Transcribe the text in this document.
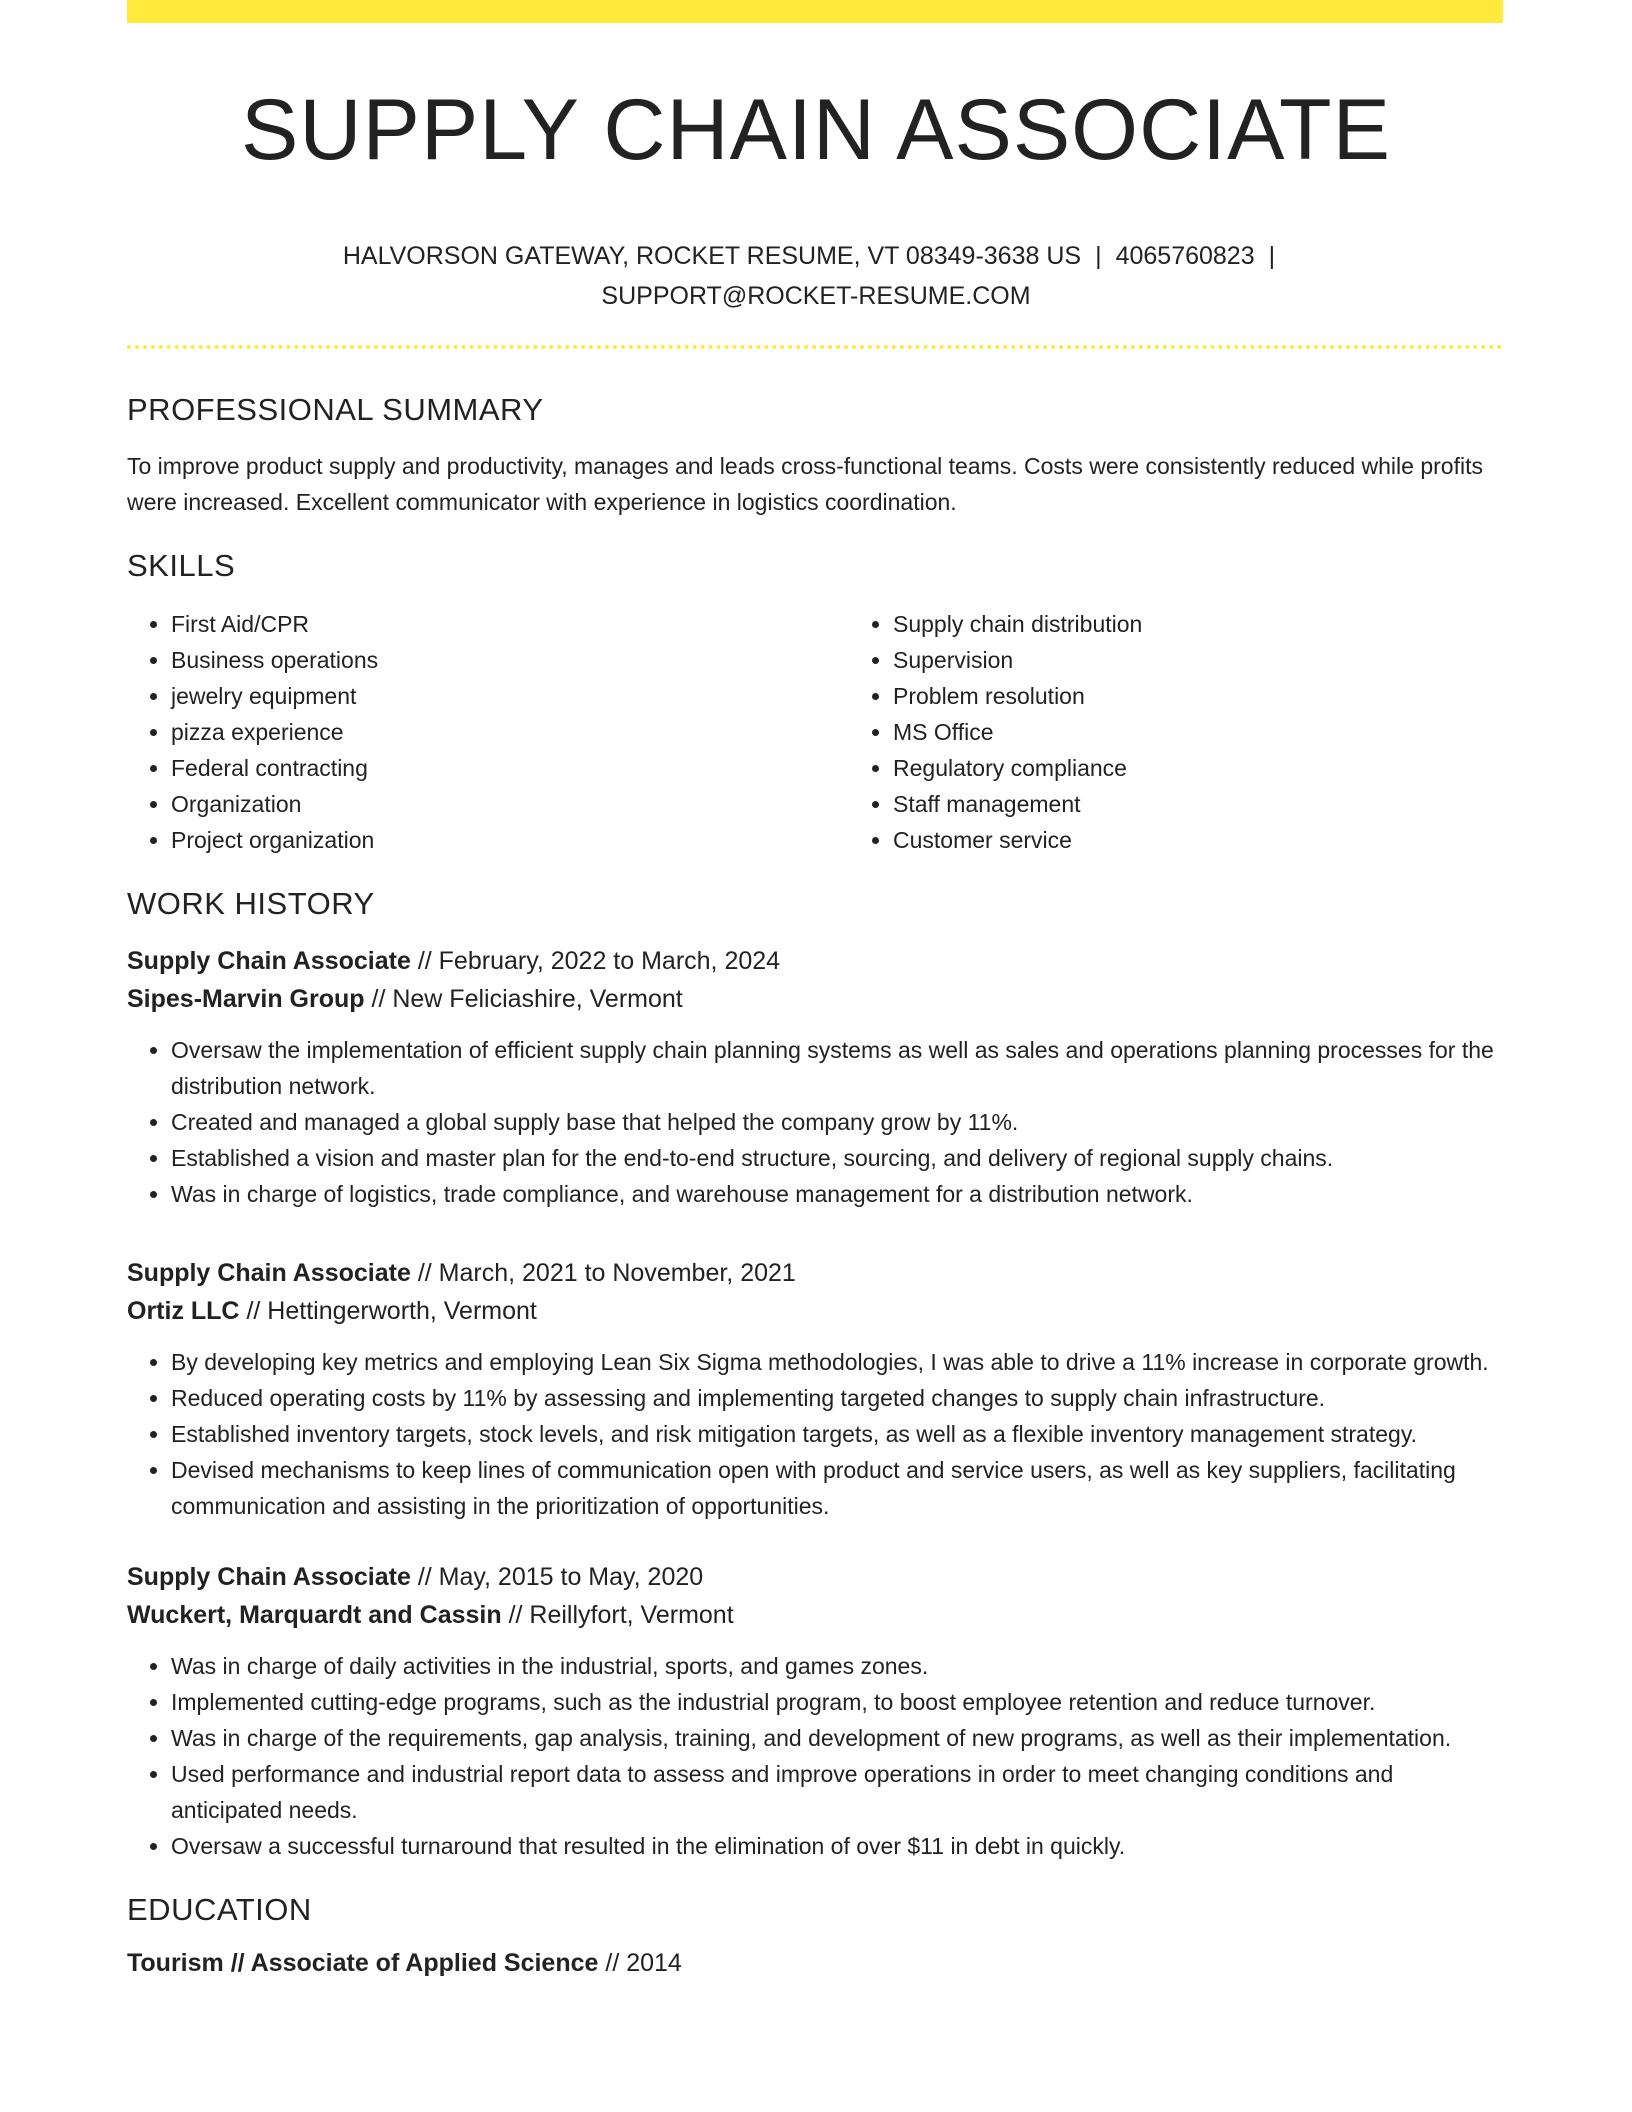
SUPPLY CHAIN ASSOCIATE
HALVORSON GATEWAY, ROCKET RESUME, VT 08349-3638 US | 4065760823 |
SUPPORT@ROCKET-RESUME.COM
PROFESSIONAL SUMMARY

To improve product supply and productivity, manages and leads cross-functional teams. Costs were consistently reduced while profits were increased. Excellent communicator with experience in logistics coordination.

SKILLS
• First Aid/CPR
• Business operations
• jewelry equipment
• pizza experience
• Federal contracting
• Organization
• Project organization
• Supply chain distribution
• Supervision
• Problem resolution
• MS Office
• Regulatory compliance
• Staff management
• Customer service
WORK HISTORY

Supply Chain Associate // February, 2022 to March, 2024

Sipes-Marvin Group // New Feliciashire, Vermont

• Oversaw the implementation of efficient supply chain planning systems as well as sales and operations planning processes for the distribution network.
• Created and managed a global supply base that helped the company grow by 11%.
• Established a vision and master plan for the end-to-end structure, sourcing, and delivery of regional supply chains.
• Was in charge of logistics, trade compliance, and warehouse management for a distribution network.

Supply Chain Associate // March, 2021 to November, 2021

Ortiz LLC // Hettingerworth, Vermont

• By developing key metrics and employing Lean Six Sigma methodologies, I was able to drive a 11% increase in corporate growth.
• Reduced operating costs by 11% by assessing and implementing targeted changes to supply chain infrastructure.
• Established inventory targets, stock levels, and risk mitigation targets, as well as a flexible inventory management strategy.
• Devised mechanisms to keep lines of communication open with product and service users, as well as key suppliers, facilitating communication and assisting in the prioritization of opportunities.

Supply Chain Associate // May, 2015 to May, 2020

Wuckert, Marquardt and Cassin // Reillyfort, Vermont

• Was in charge of daily activities in the industrial, sports, and games zones.
• Implemented cutting-edge programs, such as the industrial program, to boost employee retention and reduce turnover.
• Was in charge of the requirements, gap analysis, training, and development of new programs, as well as their implementation.
• Used performance and industrial report data to assess and improve operations in order to meet changing conditions and anticipated needs.
• Oversaw a successful turnaround that resulted in the elimination of over $11 in debt in quickly.
EDUCATION

Tourism // Associate of Applied Science // 2014
